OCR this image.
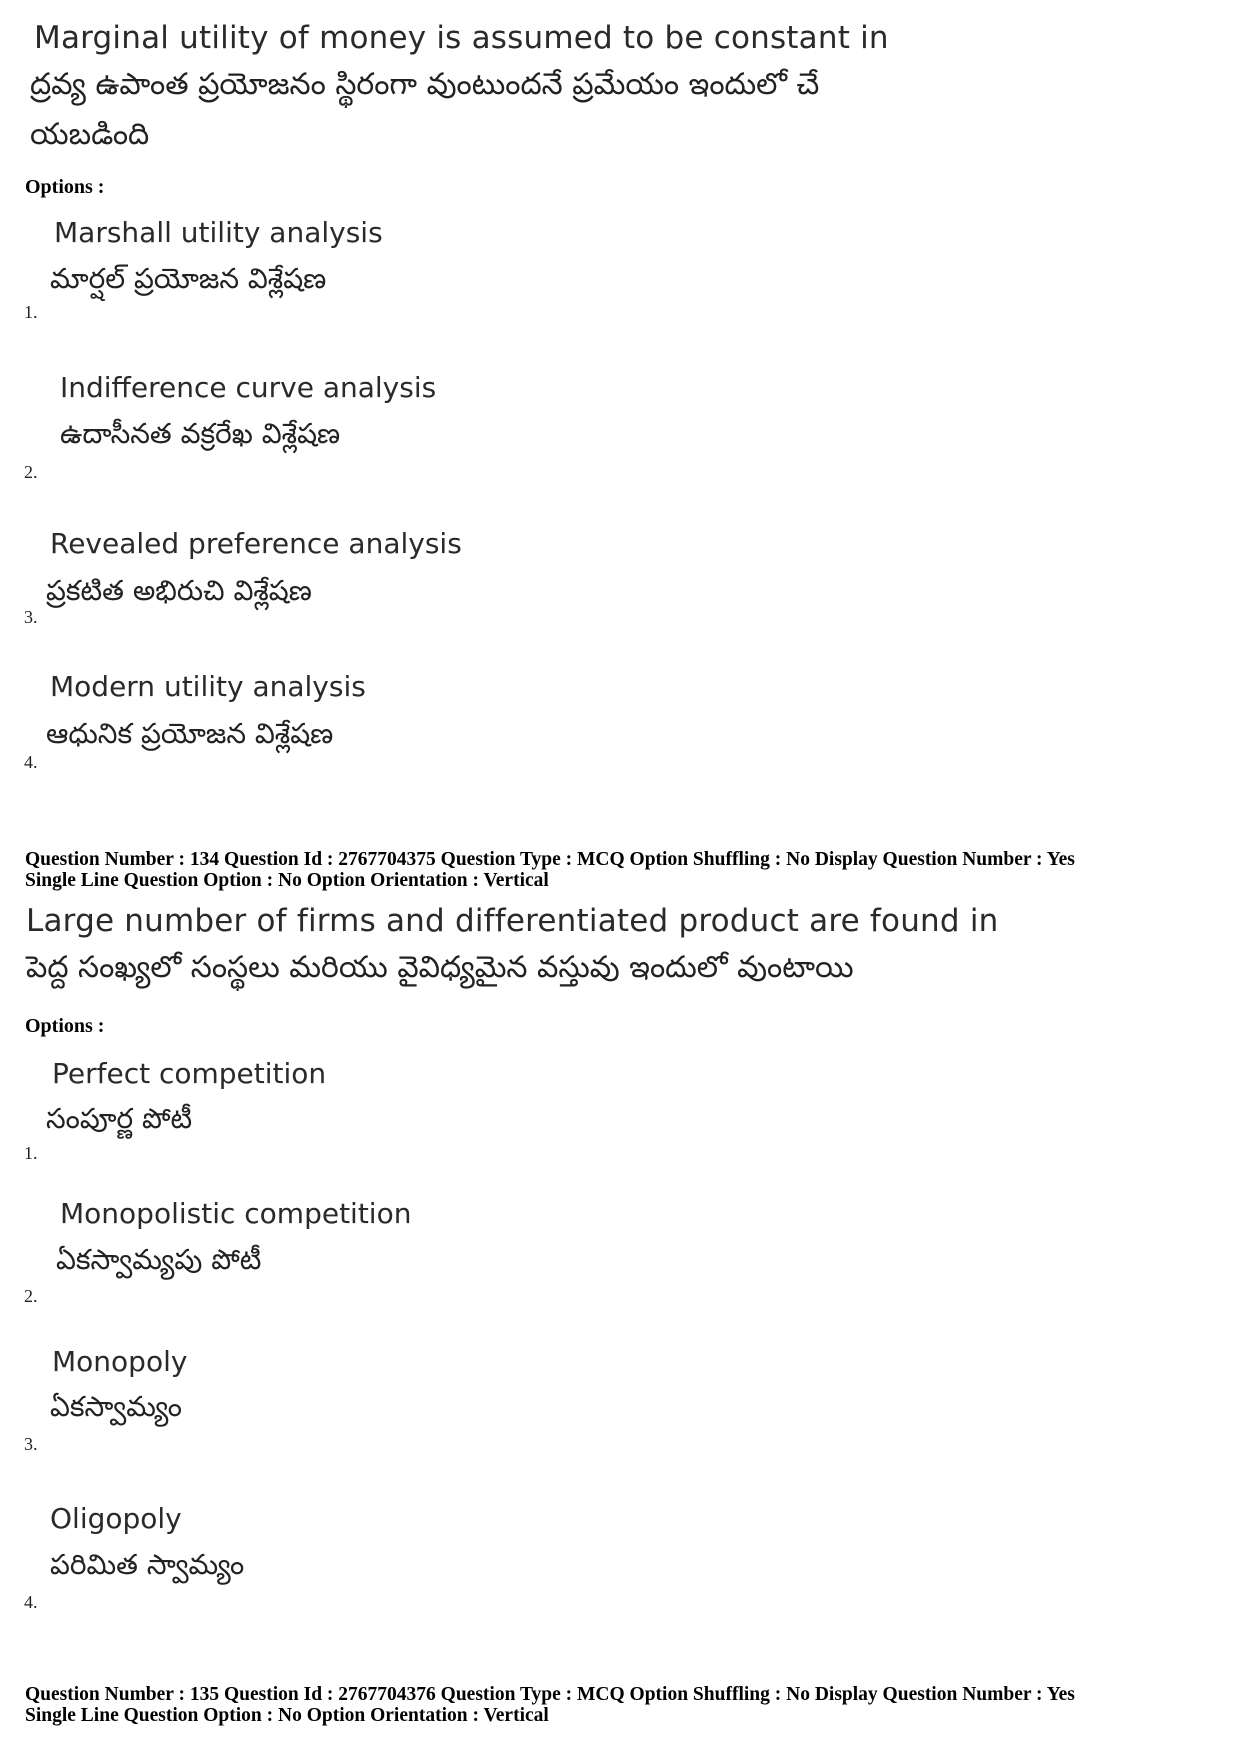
Marginal utility of money is assumed to be constant in
ద్రవ్య ఉపాంత ప్రయోజనం స్థిరంగా వుంటుందనే ప్రమేయం ఇందులో చే
యబడింది
Options :
Marshall utility analysis
మార్షల్ ప్రయోజన విశ్లేషణ
1.
Indifference curve analysis
ఉదాసీనత వక్రరేఖ విశ్లేషణ
2.
Revealed preference analysis
ప్రకటిత అభిరుచి విశ్లేషణ
3.
Modern utility analysis
ఆధునిక ప్రయోజన విశ్లేషణ
4.
Question Number : 134 Question Id : 2767704375 Question Type : MCQ Option Shuffling : No Display Question Number : Yes
Single Line Question Option : No Option Orientation : Vertical
Large number of firms and differentiated product are found in
పెద్ద సంఖ్యలో సంస్థలు మరియు వైవిధ్యమైన వస్తువు ఇందులో వుంటాయి
Options :
Perfect competition
సంపూర్ణ పోటీ
1.
Monopolistic competition
ఏకస్వామ్యపు పోటీ
2.
Monopoly
ఏకస్వామ్యం
3.
Oligopoly
పరిమిత స్వామ్యం
4.
Question Number : 135 Question Id : 2767704376 Question Type : MCQ Option Shuffling : No Display Question Number : Yes
Single Line Question Option : No Option Orientation : Vertical
